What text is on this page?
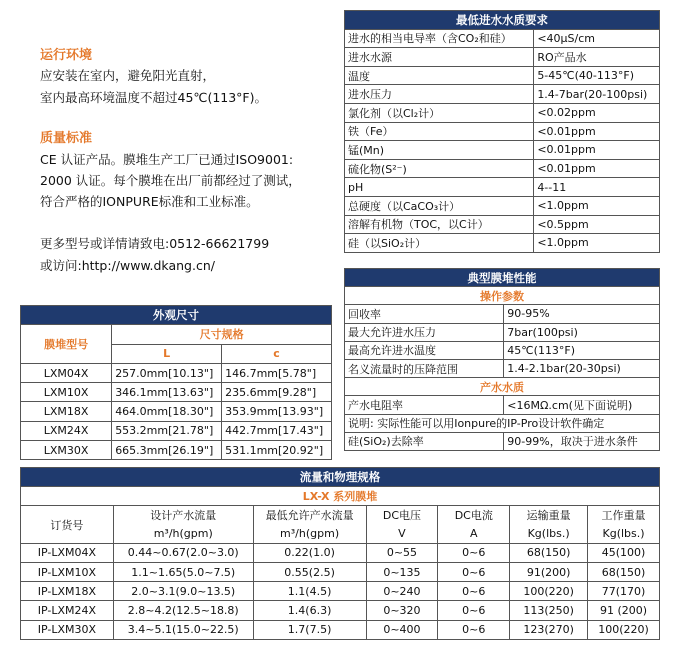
运行环境
应安装在室内，避免阳光直射，
室内最高环境温度不超过45℃(113°F)。
质量标准
CE 认证产品。膜堆生产工厂已通过ISO9001:
2000 认证。每个膜堆在出厂前都经过了测试，
符合严格的IONPURE标准和工业标准。
更多型号或详情请致电:0512-66621799
或访问:http://www.dkang.cn/
最低进水水质要求	
进水的相当电导率（含CO₂和硅）	<40μS/cm
进水水源	RO产品水
温度	5-45℃(40-113°F)
进水压力	1.4-7bar(20-100psi)
氯化剂（以Cl₂计）	<0.02ppm
铁（Fe）	<0.01ppm
锰(Mn)	<0.01ppm
硫化物(S²⁻)	<0.01ppm
pH	4--11
总硬度（以CaCO₃计）	<1.0ppm
溶解有机物（TOC，以C计）	<0.5ppm
硅（以SiO₂计）	<1.0ppm
典型膜堆性能	
操作参数	
回收率	90-95%
最大允许进水压力	7bar(100psi)
最高允许进水温度	45℃(113°F)
名义流量时的压降范围	1.4-2.1bar(20-30psi)
产水水质	
产水电阻率	<16MΩ.cm(见下面说明)
说明: 实际性能可以用Ionpure的IP-Pro设计软件确定	
硅(SiO₂)去除率	90-99%，取决于进水条件
外观尺寸		
膜堆型号	尺寸规格	
	L	c
LXM04X	257.0mm[10.13"]	146.7mm[5.78"]
LXM10X	346.1mm[13.63"]	235.6mm[9.28"]
LXM18X	464.0mm[18.30"]	353.9mm[13.93"]
LXM24X	553.2mm[21.78"]	442.7mm[17.43"]
LXM30X	665.3mm[26.19"]	531.1mm[20.92"]
流量和物理规格						
LX-X 系列膜堆						
订货号	设计产水流量	最低允许产水流量	DC电压	DC电流	运输重量	工作重量
	m³/h(gpm)	m³/h(gpm)	V	A	Kg(lbs.)	Kg(lbs.)
IP-LXM04X	0.44~0.67(2.0~3.0)	0.22(1.0)	0~55	0~6	68(150)	45(100)
IP-LXM10X	1.1~1.65(5.0~7.5)	0.55(2.5)	0~135	0~6	91(200)	68(150)
IP-LXM18X	2.0~3.1(9.0~13.5)	1.1(4.5)	0~240	0~6	100(220)	77(170)
IP-LXM24X	2.8~4.2(12.5~18.8)	1.4(6.3)	0~320	0~6	113(250)	91 (200)
IP-LXM30X	3.4~5.1(15.0~22.5)	1.7(7.5)	0~400	0~6	123(270)	100(220)
